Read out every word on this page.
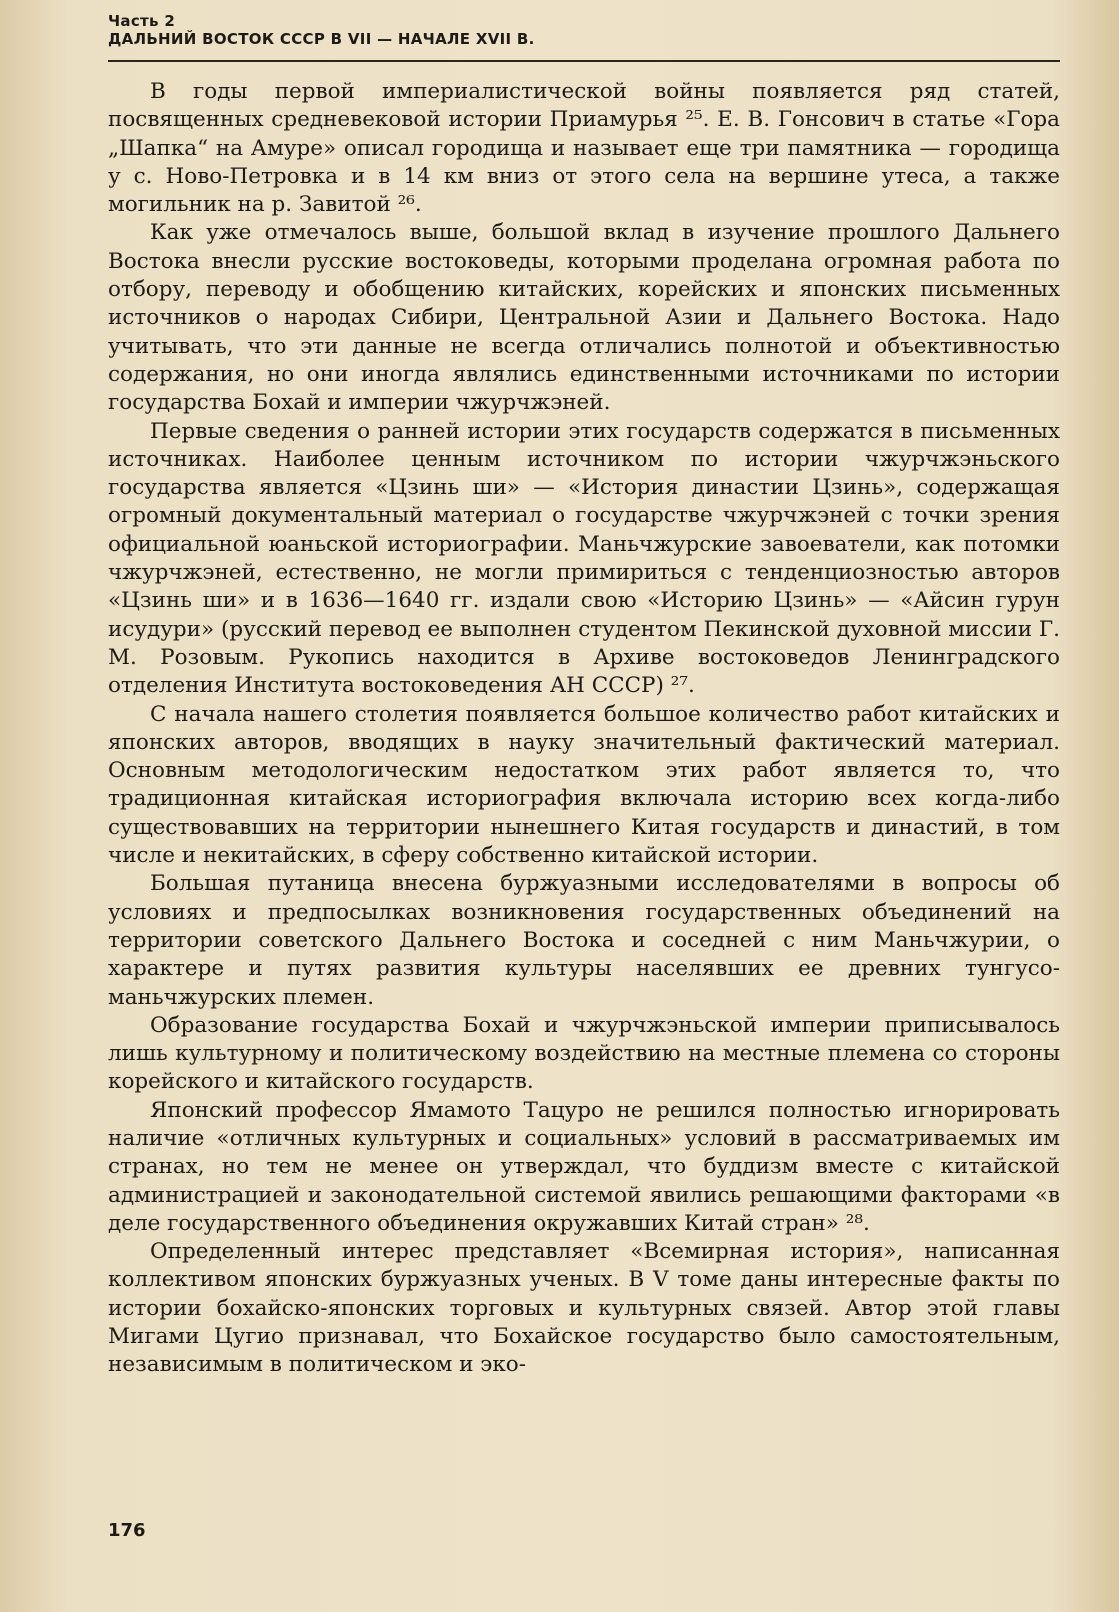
Часть 2
ДАЛЬНИЙ ВОСТОК СССР В VII — НАЧАЛЕ XVII В.

В годы первой империалистической войны появляется ряд статей, посвященных средневековой истории Приамурья ²⁵. Е. В. Гонсович в статье «Гора „Шапка“ на Амуре» описал городища и называет еще три памятника — городища у с. Ново-Петровка и в 14 км вниз от этого села на вершине утеса, а также могильник на р. Завитой ²⁶.

Как уже отмечалось выше, большой вклад в изучение прошлого Дальнего Востока внесли русские востоковеды, которыми проделана огромная работа по отбору, переводу и обобщению китайских, корейских и японских письменных источников о народах Сибири, Центральной Азии и Дальнего Востока. Надо учитывать, что эти данные не всегда отличались полнотой и объективностью содержания, но они иногда являлись единственными источниками по истории государства Бохай и империи чжурчжэней.

Первые сведения о ранней истории этих государств содержатся в письменных источниках. Наиболее ценным источником по истории чжурчжэньского государства является «Цзинь ши» — «История династии Цзинь», содержащая огромный документальный материал о государстве чжурчжэней с точки зрения официальной юаньской историографии. Маньчжурские завоеватели, как потомки чжурчжэней, естественно, не могли примириться с тенденциозностью авторов «Цзинь ши» и в 1636—1640 гг. издали свою «Историю Цзинь» — «Айсин гурун исудури» (русский перевод ее выполнен студентом Пекинской духовной миссии Г. М. Розовым. Рукопись находится в Архиве востоковедов Ленинградского отделения Института востоковедения АН СССР) ²⁷.

С начала нашего столетия появляется большое количество работ китайских и японских авторов, вводящих в науку значительный фактический материал. Основным методологическим недостатком этих работ является то, что традиционная китайская историография включала историю всех когда-либо существовавших на территории нынешнего Китая государств и династий, в том числе и некитайских, в сферу собственно китайской истории.

Большая путаница внесена буржуазными исследователями в вопросы об условиях и предпосылках возникновения государственных объединений на территории советского Дальнего Востока и соседней с ним Маньчжурии, о характере и путях развития культуры населявших ее древних тунгусо-маньчжурских племен.

Образование государства Бохай и чжурчжэньской империи приписывалось лишь культурному и политическому воздействию на местные племена со стороны корейского и китайского государств.

Японский профессор Ямамото Тацуро не решился полностью игнорировать наличие «отличных культурных и социальных» условий в рассматриваемых им странах, но тем не менее он утверждал, что буддизм вместе с китайской администрацией и законодательной системой явились решающими факторами «в деле государственного объединения окружавших Китай стран» ²⁸.

Определенный интерес представляет «Всемирная история», написанная коллективом японских буржуазных ученых. В V томе даны интересные факты по истории бохайско-японских торговых и культурных связей. Автор этой главы Мигами Цугио признавал, что Бохайское государство было самостоятельным, независимым в политическом и эко-

176
